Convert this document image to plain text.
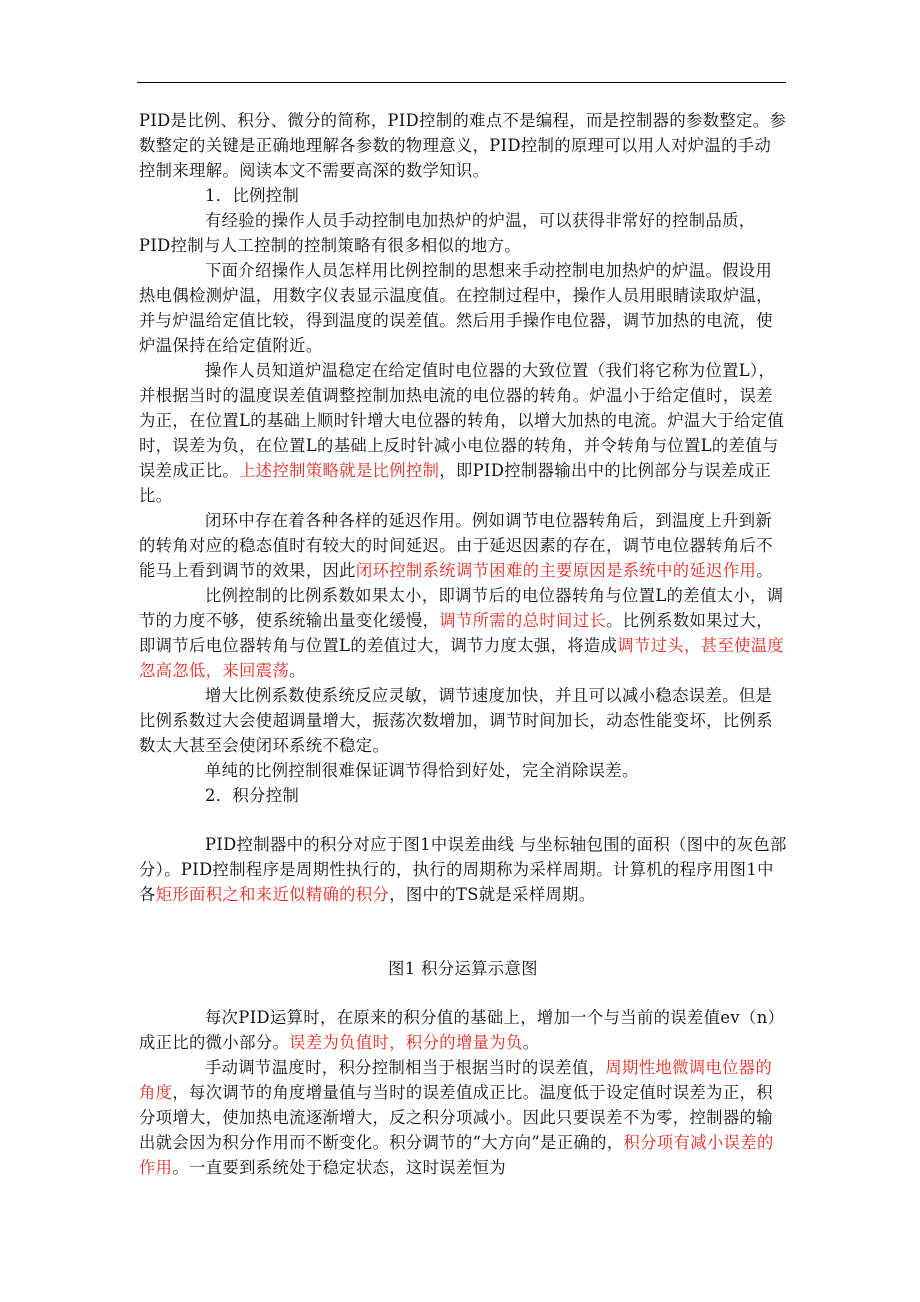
PID是比例、积分、微分的简称，PID控制的难点不是编程，而是控制器的参数整定。参数整定的关键是正确地理解各参数的物理意义，PID控制的原理可以用人对炉温的手动控制来理解。阅读本文不需要高深的数学知识。

1．比例控制

有经验的操作人员手动控制电加热炉的炉温，可以获得非常好的控制品质，PID控制与人工控制的控制策略有很多相似的地方。

下面介绍操作人员怎样用比例控制的思想来手动控制电加热炉的炉温。假设用热电偶检测炉温，用数字仪表显示温度值。在控制过程中，操作人员用眼睛读取炉温，并与炉温给定值比较，得到温度的误差值。然后用手操作电位器，调节加热的电流，使炉温保持在给定值附近。

操作人员知道炉温稳定在给定值时电位器的大致位置（我们将它称为位置L），并根据当时的温度误差值调整控制加热电流的电位器的转角。炉温小于给定值时，误差为正，在位置L的基础上顺时针增大电位器的转角，以增大加热的电流。炉温大于给定值时，误差为负，在位置L的基础上反时针减小电位器的转角，并令转角与位置L的差值与误差成正比。上述控制策略就是比例控制，即PID控制器输出中的比例部分与误差成正比。

闭环中存在着各种各样的延迟作用。例如调节电位器转角后，到温度上升到新的转角对应的稳态值时有较大的时间延迟。由于延迟因素的存在，调节电位器转角后不能马上看到调节的效果，因此闭环控制系统调节困难的主要原因是系统中的延迟作用。

比例控制的比例系数如果太小，即调节后的电位器转角与位置L的差值太小，调节的力度不够，使系统输出量变化缓慢，调节所需的总时间过长。比例系数如果过大，即调节后电位器转角与位置L的差值过大，调节力度太强，将造成调节过头，甚至使温度忽高忽低，来回震荡。

增大比例系数使系统反应灵敏，调节速度加快，并且可以减小稳态误差。但是比例系数过大会使超调量增大，振荡次数增加，调节时间加长，动态性能变坏，比例系数太大甚至会使闭环系统不稳定。

单纯的比例控制很难保证调节得恰到好处，完全消除误差。

2．积分控制

PID控制器中的积分对应于图1中误差曲线 与坐标轴包围的面积（图中的灰色部分）。PID控制程序是周期性执行的，执行的周期称为采样周期。计算机的程序用图1中各矩形面积之和来近似精确的积分，图中的TS就是采样周期。

图1 积分运算示意图

每次PID运算时，在原来的积分值的基础上，增加一个与当前的误差值ev（n）成正比的微小部分。误差为负值时，积分的增量为负。

手动调节温度时，积分控制相当于根据当时的误差值，周期性地微调电位器的角度，每次调节的角度增量值与当时的误差值成正比。温度低于设定值时误差为正，积分项增大，使加热电流逐渐增大，反之积分项减小。因此只要误差不为零，控制器的输出就会因为积分作用而不断变化。积分调节的“大方向”是正确的，积分项有减小误差的作用。一直要到系统处于稳定状态，这时误差恒为
